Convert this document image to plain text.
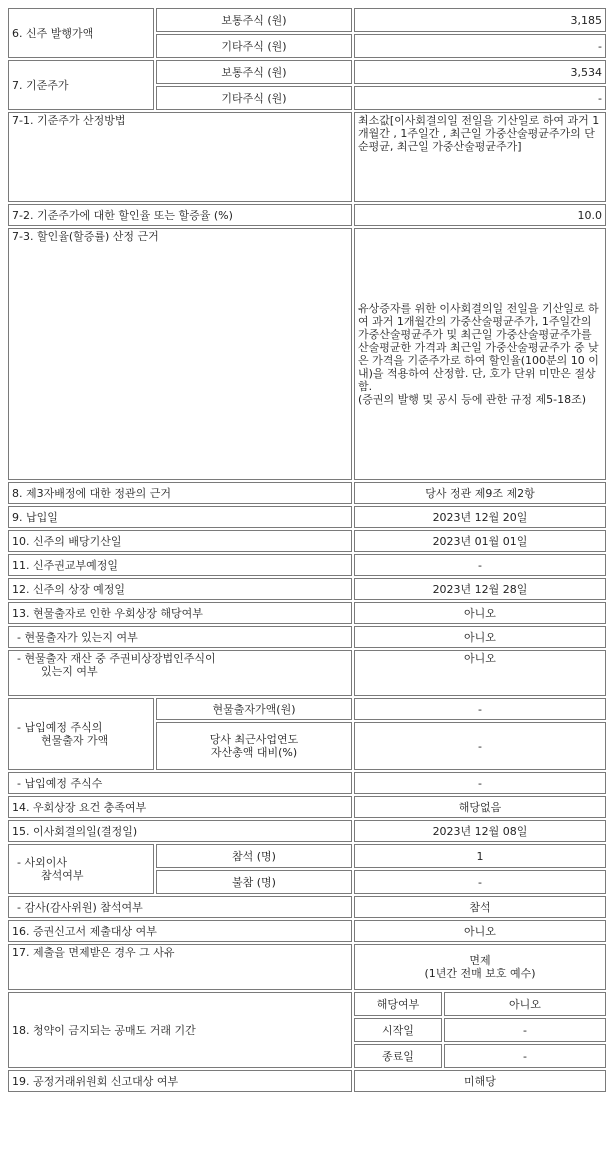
6. 신주 발행가액	보통주식 (원)	3,185	
	기타주식 (원)	-	
7. 기준주가	보통주식 (원)	3,534	
	기타주식 (원)	-	
7-1. 기준주가 산정방법		최소값[이사회결의일 전일을 기산일로 하여 과거 1개월간 , 1주일간 , 최근일 가중산술평균주가의 단순평균, 최근일 가중산술평균주가]	
7-2. 기준주가에 대한 할인율 또는 할증율 (%)		10.0	
7-3. 할인율(할증률) 산정 근거		유상증자를 위한 이사회결의일 전일을 기산일로 하여 과거 1개월간의 가중산술평균주가, 1주일간의 가중산술평균주가 및 최근일 가중산술평균주가를 산술평균한 가격과 최근일 가중산술평균주가 중 낮은 가격을 기준주가로 하여 할인율(100분의 10 이내)을 적용하여 산정함. 단, 호가 단위 미만은 절상함.
(증권의 발행 및 공시 등에 관한 규정 제5-18조)	

8. 제3자배정에 대한 정관의 근거		당사 정관 제9조 제2항	
9. 납입일		2023년 12월 20일	
10. 신주의 배당기산일		2023년 01월 01일	
11. 신주권교부예정일		-	
12. 신주의 상장 예정일		2023년 12월 28일	
13. 현물출자로 인한 우회상장 해당여부		아니오	
- 현물출자가 있는지 여부		아니오	

- 현물출자 재산 중 주권비상장법인주식이
있는지 여부		아니오	

- 납입예정 주식의
현물출자 가액	현물출자가액(원)	-	

	당사 최근사업연도
자산총액 대비(%)	-	
- 납입예정 주식수		-	
14. 우회상장 요건 충족여부		해당없음	
15. 이사회결의일(결정일)		2023년 12월 08일	

- 사외이사
참석여부	참석 (명)	1	
	불참 (명)	-	
- 감사(감사위원) 참석여부		참석	
16. 증권신고서 제출대상 여부		아니오	
17. 제출을 면제받은 경우 그 사유		면제
(1년간 전매 보호 예수)	

18. 청약이 금지되는 공매도 거래 기간		해당여부	아니오
		시작일	-
		종료일	-
19. 공정거래위원회 신고대상 여부		미해당	
